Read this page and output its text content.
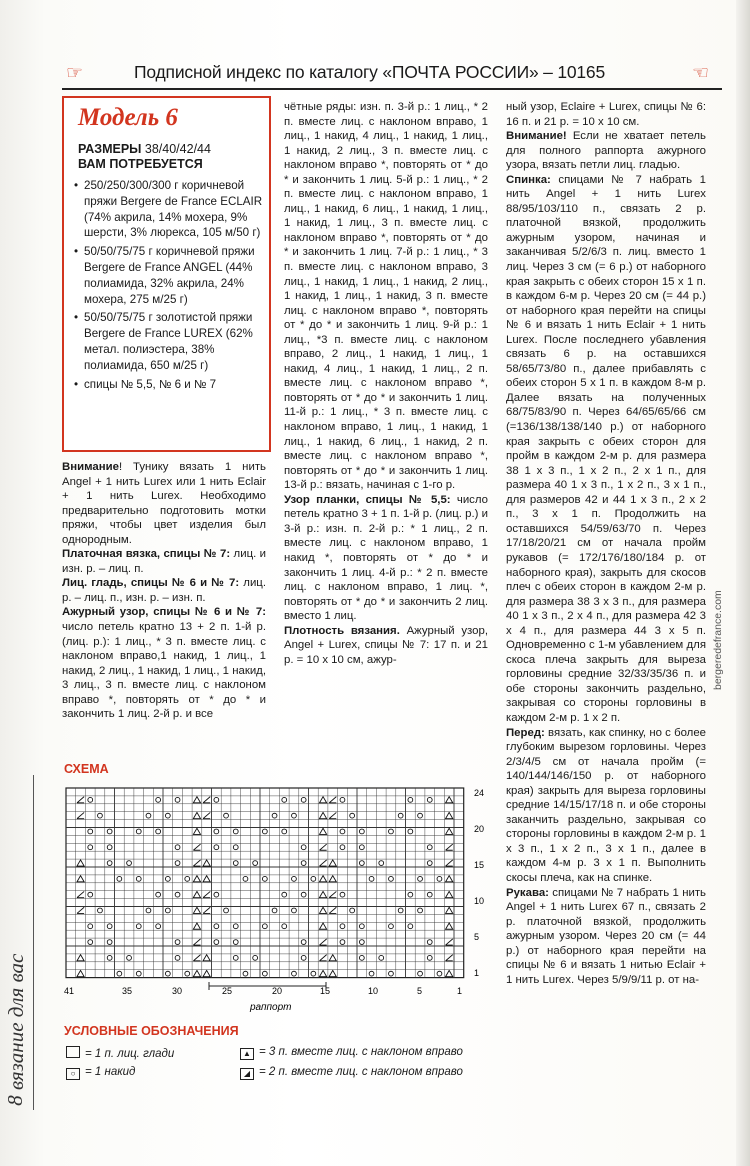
☞	Подписной индекс по каталогу «ПОЧТА РОССИИ» – 10165	☜
Модель 6
РАЗМЕРЫ 38/40/42/44
ВАМ ПОТРЕБУЕТСЯ
• 250/250/300/300 г коричневой пряжи Bergere de France ECLAIR (74% акрила, 14% мохера, 9% шерсти, 3% люрекса, 105 м/50 г)
• 50/50/75/75 г коричневой пряжи Bergere de France ANGEL (44% полиамида, 32% акрила, 24% мохера, 275 м/25 г)
• 50/50/75/75 г золотистой пряжи Bergere de France LUREX (62% метал. полиэстера, 38% полиамида, 650 м/25 г)
• спицы № 5,5, № 6 и № 7

Внимание! Тунику вязать 1 нить Angel + 1 нить Lurex или 1 нить Eclair + 1 нить Lurex. Необходимо предварительно подготовить мотки пряжи, чтобы цвет изделия был однородным.

Платочная вязка, спицы № 7: лиц. и изн. р. – лиц. п.

Лиц. гладь, спицы № 6 и № 7: лиц. р. – лиц. п., изн. р. – изн. п.

Ажурный узор, спицы № 6 и № 7: число петель кратно 13 + 2 п. 1-й р. (лиц. р.): 1 лиц., * 3 п. вместе лиц. с наклоном вправо,1 накид, 1 лиц., 1 накид, 2 лиц., 1 накид, 1 лиц., 1 накид, 3 лиц., 3 п. вместе лиц. с наклоном вправо *, повторять от * до * и закончить 1 лиц. 2-й р. и все

чётные ряды: изн. п. 3-й р.: 1 лиц., * 2 п. вместе лиц. с наклоном вправо, 1 лиц., 1 накид, 4 лиц., 1 накид, 1 лиц., 1 накид, 2 лиц., 3 п. вместе лиц. с наклоном вправо *, повторять от * до * и закончить 1 лиц. 5-й р.: 1 лиц., * 2 п. вместе лиц. с наклоном вправо, 1 лиц., 1 накид, 6 лиц., 1 накид, 1 лиц., 1 накид, 1 лиц., 3 п. вместе лиц. с наклоном вправо *, повторять от * до * и закончить 1 лиц. 7-й р.: 1 лиц., * 3 п. вместе лиц. с наклоном вправо, 3 лиц., 1 накид, 1 лиц., 1 накид, 2 лиц., 1 накид, 1 лиц., 1 накид, 3 п. вместе лиц. с наклоном вправо *, повторять от * до * и закончить 1 лиц. 9-й р.: 1 лиц., *3 п. вместе лиц. с наклоном вправо, 2 лиц., 1 накид, 1 лиц., 1 накид, 4 лиц., 1 накид, 1 лиц., 2 п. вместе лиц. с наклоном вправо *, повторять от * до * и закончить 1 лиц. 11-й р.: 1 лиц., * 3 п. вместе лиц. с наклоном вправо, 1 лиц., 1 накид, 1 лиц., 1 накид, 6 лиц., 1 накид, 2 п. вместе лиц. с наклоном вправо *, повторять от * до * и закончить 1 лиц. 13-й р.: вязать, начиная с 1-го р.

Узор планки, спицы № 5,5: число петель кратно 3 + 1 п. 1-й р. (лиц. р.) и 3-й р.: изн. п. 2-й р.: * 1 лиц., 2 п. вместе лиц. с наклоном вправо, 1 накид *, повторять от * до * и закончить 1 лиц. 4-й р.: * 2 п. вместе лиц. с наклоном вправо, 1 лиц. *, повторять от * до * и закончить 2 лиц. вместо 1 лиц.

Плотность вязания. Ажурный узор, Angel + Lurex, спицы № 7: 17 п. и 21 р. = 10 x 10 см, ажур-

ный узор, Eclaire + Lurex, спицы № 6: 16 п. и 21 р. = 10 x 10 см.

Внимание! Если не хватает петель для полного раппорта ажурного узора, вязать петли лиц. гладью.

Спинка: спицами № 7 набрать 1 нить Angel + 1 нить Lurex 88/95/103/110 п., связать 2 р. платочной вязкой, продолжить ажурным узором, начиная и заканчивая 5/2/6/3 п. лиц. вместо 1 лиц. Через 3 см (= 6 р.) от наборного края закрыть с обеих сторон 15 x 1 п. в каждом 6-м р. Через 20 см (= 44 р.) от наборного края перейти на спицы № 6 и вязать 1 нить Eclair + 1 нить Lurex. После последнего убавления связать 6 р. на оставшихся 58/65/73/80 п., далее прибавлять с обеих сторон 5 x 1 п. в каждом 8-м р. Далее вязать на полученных 68/75/83/90 п. Через 64/65/65/66 см (=136/138/138/140 р.) от наборного края закрыть с обеих сторон для пройм в каждом 2-м р. для размера 38 1 x 3 п., 1 x 2 п., 2 x 1 п., для размера 40 1 x 3 п., 1 x 2 п., 3 x 1 п., для размеров 42 и 44 1 x 3 п., 2 x 2 п., 3 x 1 п. Продолжить на оставшихся 54/59/63/70 п. Через 17/18/20/21 см от начала пройм рукавов (= 172/176/180/184 р. от наборного края), закрыть для скосов плеч с обеих сторон в каждом 2-м р. для размера 38 3 x 3 п., для размера 40 1 x 3 п., 2 x 4 п., для размера 42 3 x 4 п., для размера 44 3 x 5 п. Одновременно с 1-м убавлением для скоса плеча закрыть для выреза горловины средние 32/33/35/36 п. и обе стороны закончить раздельно, закрывая со стороны горловины в каждом 2-м р. 1 x 2 п.

Перед: вязать, как спинку, но с более глубоким вырезом горловины. Через 2/3/4/5 см от начала пройм (= 140/144/146/150 р. от наборного края) закрыть для выреза горловины средние 14/15/17/18 п. и обе стороны заканчить раздельно, закрывая со стороны горловины в каждом 2-м р. 1 x 3 п., 1 x 2 п., 3 x 1 п., далее в каждом 4-м р. 3 x 1 п. Выполнить скосы плеча, как на спинке.

Рукава: спицами № 7 набрать 1 нить Angel + 1 нить Lurex 67 п., связать 2 р. платочной вязкой, продолжить ажурным узором. Через 20 см (= 44 р.) от наборного края перейти на спицы № 6 и вязать 1 нитью Eclair + 1 нить Lurex. Через 5/9/9/11 р. от на-

СХЕМА
24
20
15
10
5
1
41	35	30	25	20	15	10	5	1
раппорт
УСЛОВНЫЕ ОБОЗНАЧЕНИЯ
= 1 п. лиц. глади
○ = 1 накид
▲ = 3 п. вместе лиц. с наклоном вправо
◢ = 2 п. вместе лиц. с наклоном вправо
вязание для вас
8
bergeredefrance.com
